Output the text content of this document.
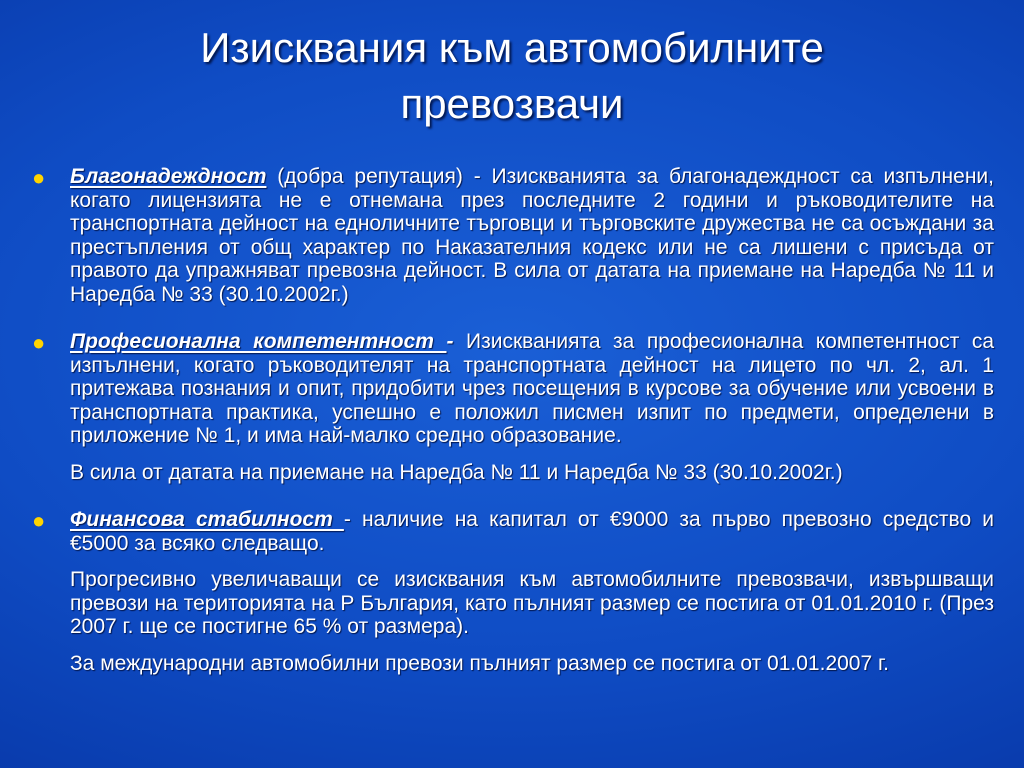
Изисквания към автомобилните
превозвачи
● Благонадеждност (добра репутация) - Изискванията за благонадеждност са изпълнени, когато лицензията не е отнемана през последните 2 години и ръководителите на транспортната дейност на едноличните търговци и търговските дружества не са осъждани за престъпления от общ характер по Наказателния кодекс или не са лишени с присъда от правото да упражняват превозна дейност. В сила от датата на приемане на Наредба № 11 и Наредба № 33 (30.10.2002г.)
● Професионална компетентност - Изискванията за професионална компетентност са изпълнени, когато ръководителят на транспортната дейност на лицето по чл. 2, ал. 1 притежава познания и опит, придобити чрез посещения в курсове за обучение или усвоени в транспортната практика, успешно е положил писмен изпит по предмети, определени в приложение № 1, и има най-малко средно образование.
В сила от датата на приемане на Наредба № 11 и Наредба № 33 (30.10.2002г.)
● Финансова стабилност - наличие на капитал от €9000 за първо превозно средство и €5000 за всяко следващо.
Прогресивно увеличаващи се изисквания към автомобилните превозвачи, извършващи превози на територията на Р България, като пълният размер се постига от 01.01.2010 г. (През 2007 г. ще се постигне 65 % от размера).
За международни автомобилни превози пълният размер се постига от 01.01.2007 г.
